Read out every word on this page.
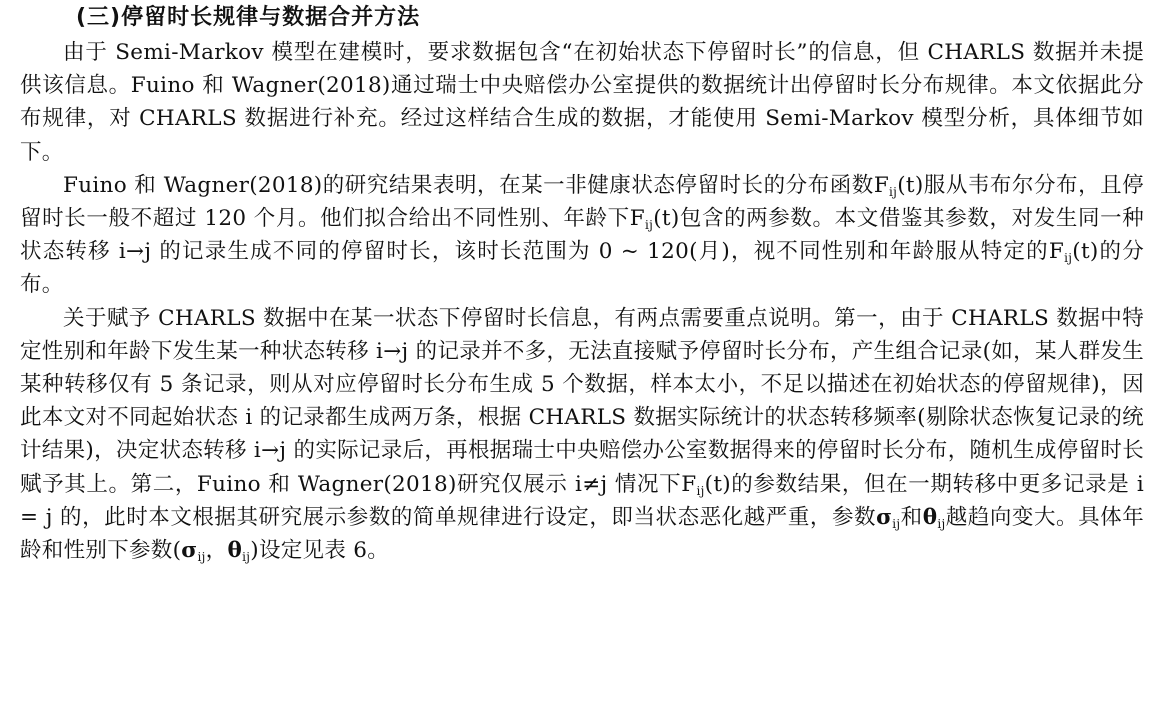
(三)停留时长规律与数据合并方法

由于 Semi-Markov 模型在建模时，要求数据包含“在初始状态下停留时长”的信息，但 CHARLS 数据并未提供该信息。Fuino 和 Wagner(2018)通过瑞士中央赔偿办公室提供的数据统计出停留时长分布规律。本文依据此分布规律，对 CHARLS 数据进行补充。经过这样结合生成的数据，才能使用 Semi-Markov 模型分析，具体细节如下。

Fuino 和 Wagner(2018)的研究结果表明，在某一非健康状态停留时长的分布函数$F_{ij}(t)$服从韦布尔分布，且停留时长一般不超过 120 个月。他们拟合给出不同性别、年龄下$F_{ij}(t)$包含的两参数。本文借鉴其参数，对发生同一种状态转移 i→j 的记录生成不同的停留时长，该时长范围为 0 ~ 120(月)，视不同性别和年龄服从特定的$F_{ij}(t)$的分布。

关于赋予 CHARLS 数据中在某一状态下停留时长信息，有两点需要重点说明。第一，由于 CHARLS 数据中特定性别和年龄下发生某一种状态转移 i→j 的记录并不多，无法直接赋予停留时长分布，产生组合记录(如，某人群发生某种转移仅有 5 条记录，则从对应停留时长分布生成 5 个数据，样本太小，不足以描述在初始状态的停留规律)，因此本文对不同起始状态 i 的记录都生成两万条，根据 CHARLS 数据实际统计的状态转移频率(剔除状态恢复记录的统计结果)，决定状态转移 i→j 的实际记录后，再根据瑞士中央赔偿办公室数据得来的停留时长分布，随机生成停留时长赋予其上。第二，Fuino 和 Wagner(2018)研究仅展示 i≠j 情况下$F_{ij}(t)$的参数结果，但在一期转移中更多记录是 i = j 的，此时本文根据其研究展示参数的简单规律进行设定，即当状态恶化越严重，参数$\sigma_{ij}$和$\theta_{ij}$越趋向变大。具体年龄和性别下参数($\sigma_{ij}$，$\theta_{ij}$)设定见表 6。
